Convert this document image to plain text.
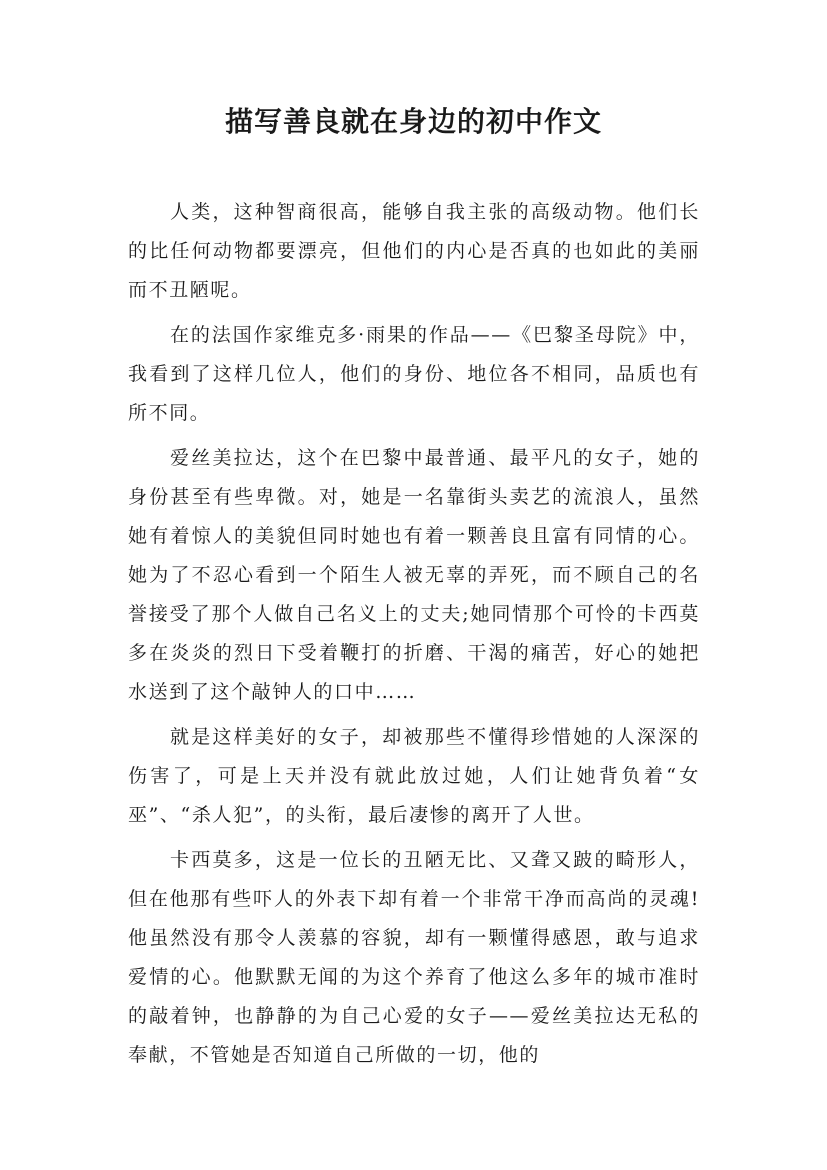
描写善良就在身边的初中作文

人类，这种智商很高，能够自我主张的高级动物。他们长的比任何动物都要漂亮，但他们的内心是否真的也如此的美丽而不丑陋呢。

在的法国作家维克多·雨果的作品——《巴黎圣母院》中，我看到了这样几位人，他们的身份、地位各不相同，品质也有所不同。

爱丝美拉达，这个在巴黎中最普通、最平凡的女子，她的身份甚至有些卑微。对，她是一名靠街头卖艺的流浪人，虽然她有着惊人的美貌但同时她也有着一颗善良且富有同情的心。她为了不忍心看到一个陌生人被无辜的弄死，而不顾自己的名誉接受了那个人做自己名义上的丈夫;她同情那个可怜的卡西莫多在炎炎的烈日下受着鞭打的折磨、干渴的痛苦，好心的她把水送到了这个敲钟人的口中……

就是这样美好的女子，却被那些不懂得珍惜她的人深深的伤害了，可是上天并没有就此放过她，人们让她背负着“女巫”、“杀人犯”，的头衔，最后凄惨的离开了人世。

卡西莫多，这是一位长的丑陋无比、又聋又跛的畸形人，但在他那有些吓人的外表下却有着一个非常干净而高尚的灵魂!他虽然没有那令人羡慕的容貌，却有一颗懂得感恩，敢与追求爱情的心。他默默无闻的为这个养育了他这么多年的城市准时的敲着钟，也静静的为自己心爱的女子——爱丝美拉达无私的奉献，不管她是否知道自己所做的一切，他的
